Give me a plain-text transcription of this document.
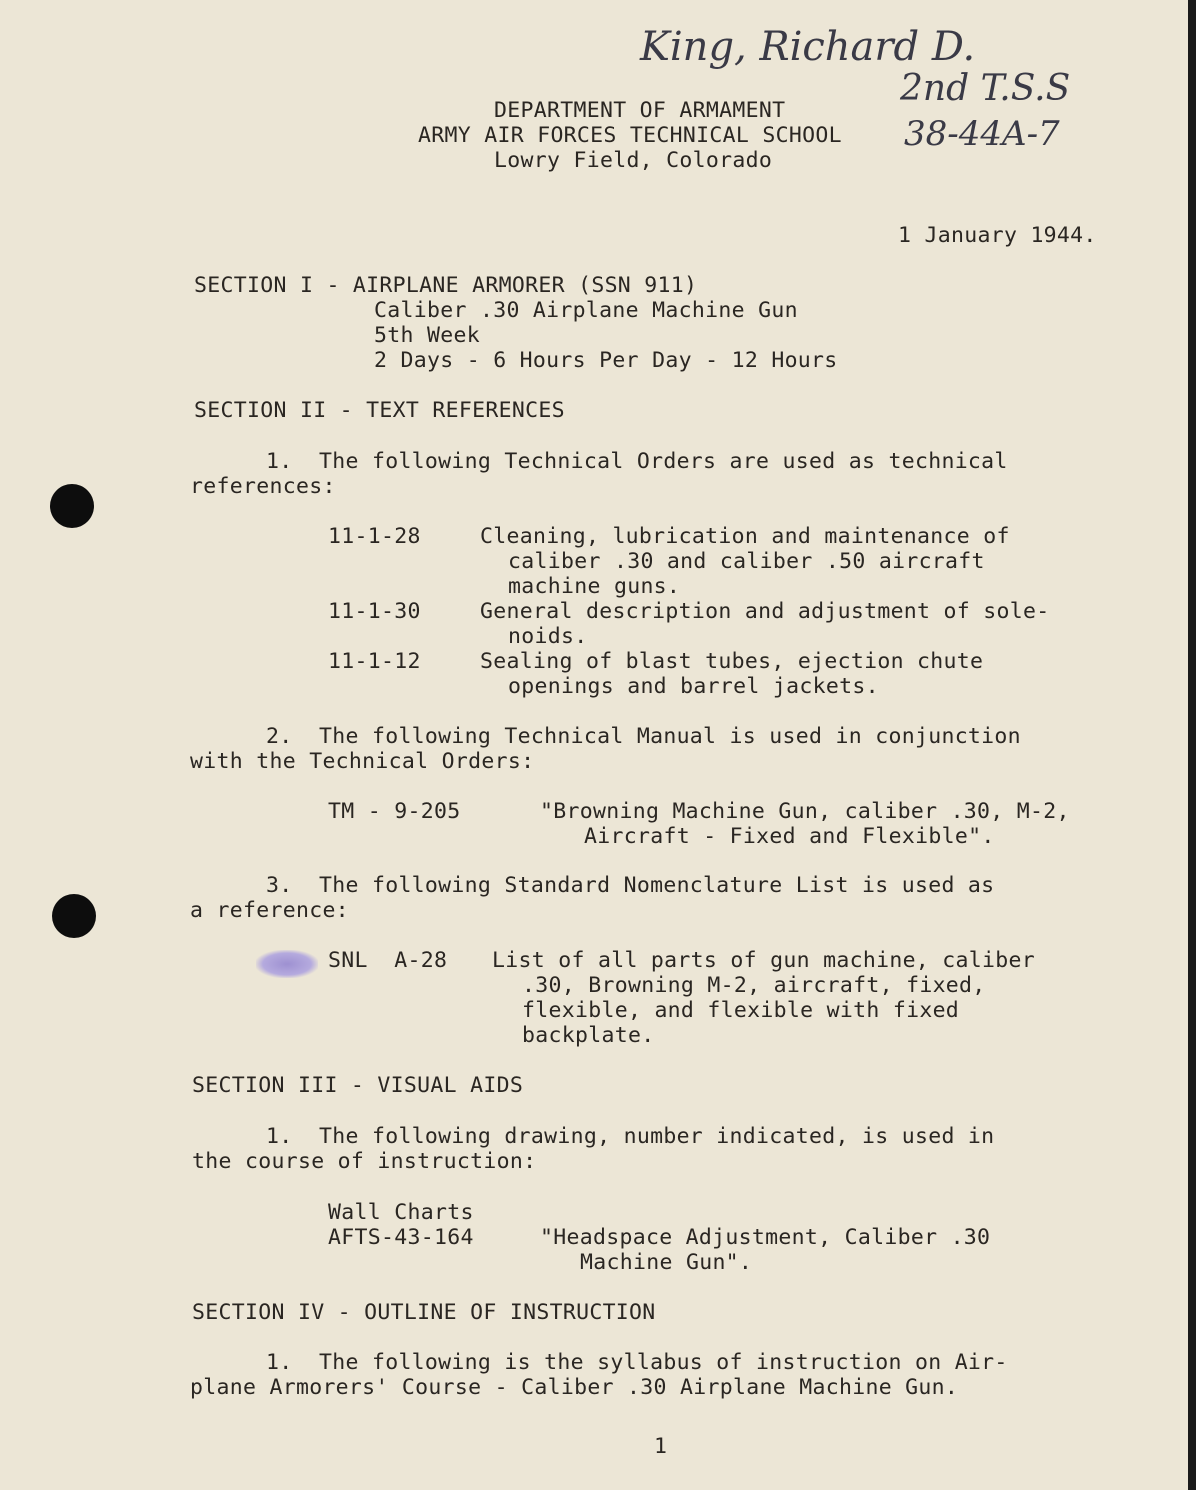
King, Richard D.
2nd T.S.S
38-44A-7
DEPARTMENT OF ARMAMENT
ARMY AIR FORCES TECHNICAL SCHOOL
Lowry Field, Colorado
1 January 1944.
SECTION I - AIRPLANE ARMORER (SSN 911)
Caliber .30 Airplane Machine Gun
5th Week
2 Days - 6 Hours Per Day - 12 Hours
SECTION II - TEXT REFERENCES
1.  The following Technical Orders are used as technical
references:
11-1-28	Cleaning, lubrication and maintenance of
caliber .30 and caliber .50 aircraft
machine guns.
11-1-30	General description and adjustment of sole-
noids.
11-1-12	Sealing of blast tubes, ejection chute
openings and barrel jackets.
2.  The following Technical Manual is used in conjunction
with the Technical Orders:
TM - 9-205	"Browning Machine Gun, caliber .30, M-2,
Aircraft - Fixed and Flexible".
3.  The following Standard Nomenclature List is used as
a reference:
SNL  A-28 List of all parts of gun machine, caliber
.30, Browning M-2, aircraft, fixed,
flexible, and flexible with fixed
backplate.
SECTION III - VISUAL AIDS
1.  The following drawing, number indicated, is used in
the course of instruction:
Wall Charts
AFTS-43-164	"Headspace Adjustment, Caliber .30
Machine Gun".
SECTION IV - OUTLINE OF INSTRUCTION
1.  The following is the syllabus of instruction on Air-
plane Armorers' Course - Caliber .30 Airplane Machine Gun.
1
